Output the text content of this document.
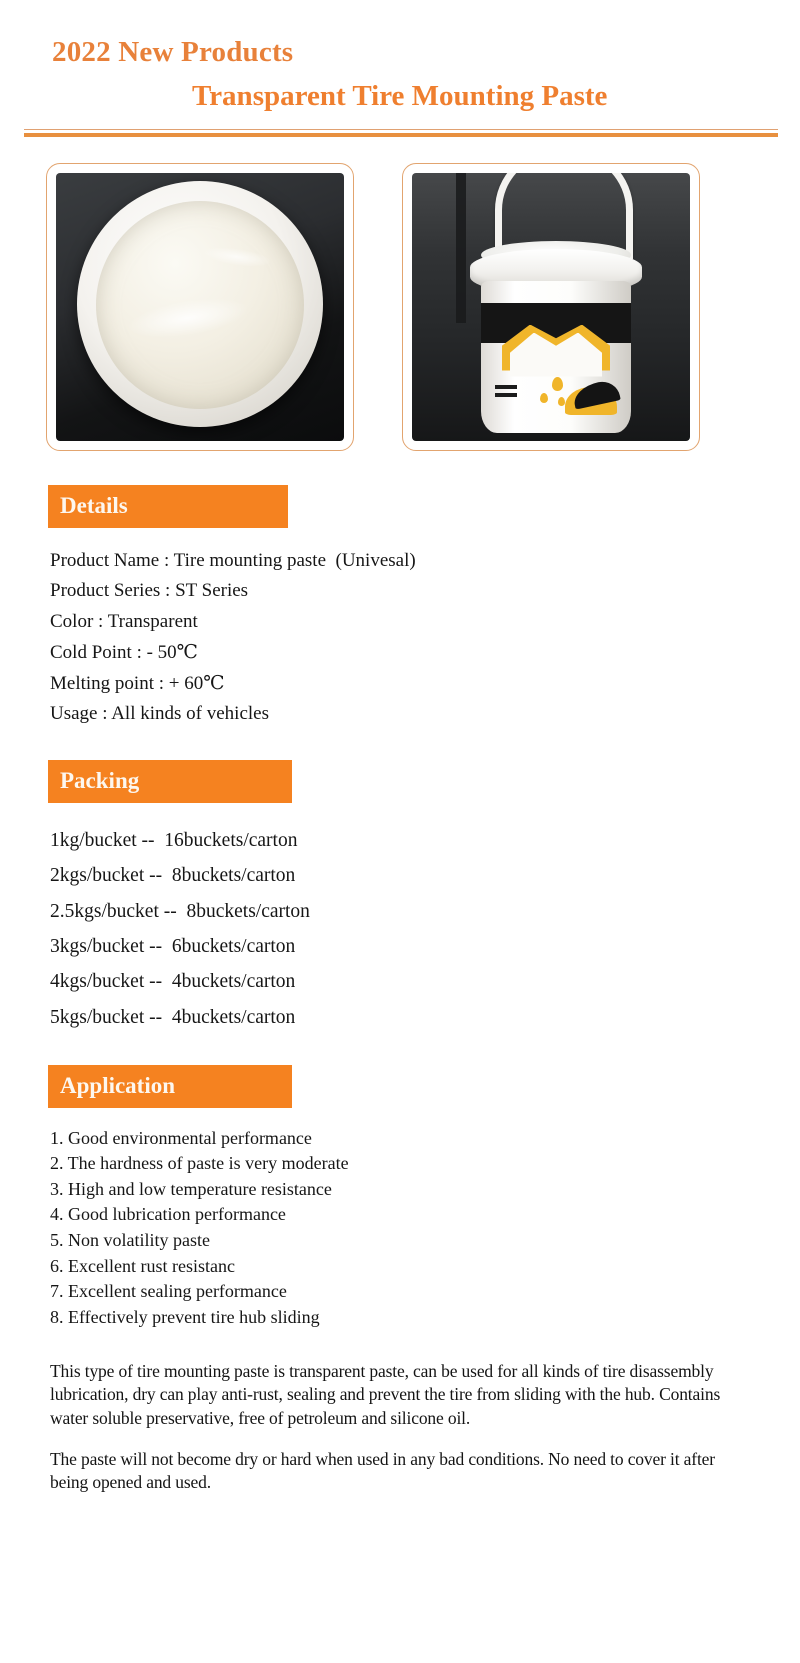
2022 New Products
Transparent Tire Mounting Paste
Details
Product Name : Tire mounting paste  (Univesal)
Product Series : ST Series
Color : Transparent
Cold Point : - 50℃
Melting point : + 60℃
Usage : All kinds of vehicles
Packing
1kg/bucket --  16buckets/carton
2kgs/bucket --  8buckets/carton
2.5kgs/bucket --  8buckets/carton
3kgs/bucket --  6buckets/carton
4kgs/bucket --  4buckets/carton
5kgs/bucket --  4buckets/carton
Application
1. Good environmental performance
2. The hardness of paste is very moderate
3. High and low temperature resistance
4. Good lubrication performance
5. Non volatility paste
6. Excellent rust resistanc
7. Excellent sealing performance
8. Effectively prevent tire hub sliding

This type of tire mounting paste is transparent paste, can be used for all kinds of tire disassembly lubrication, dry can play anti-rust, sealing and prevent the tire from sliding with the hub. Contains water soluble preservative, free of petroleum and silicone oil.

The paste will not become dry or hard when used in any bad conditions. No need to cover it after being opened and used.
